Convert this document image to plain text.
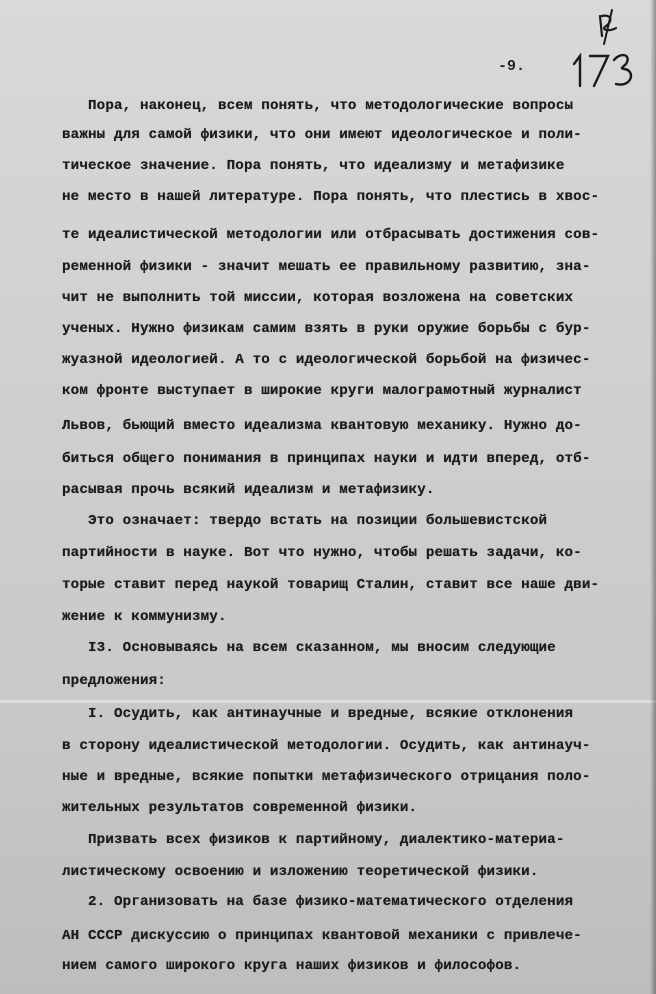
-9.
Пора, наконец, всем понять, что методологические вопросы
важны для самой физики, что они имеют идеологическое и поли-
тическое значение. Пора понять, что идеализму и метафизике
не место в нашей литературе. Пора понять, что плестись в хвос-
те идеалистической методологии или отбрасывать достижения сов-
ременной физики - значит мешать ее правильному развитию, зна-
чит не выполнить той миссии, которая возложена на советских
ученых. Нужно физикам самим взять в руки оружие борьбы с бур-
жуазной идеологией. А то с идеологической борьбой на физичес-
ком фронте выступает в широкие круги малограмотный журналист
Львов, бьющий вместо идеализма квантовую механику. Нужно до-
биться общего понимания в принципах науки и идти вперед, отб-
расывая прочь всякий идеализм и метафизику.
Это означает: твердо встать на позиции большевистской
партийности в науке. Вот что нужно, чтобы решать задачи, ко-
торые ставит перед наукой товарищ Сталин, ставит все наше дви-
жение к коммунизму.
I3. Основываясь на всем сказанном, мы вносим следующие
предложения:
I. Осудить, как антинаучные и вредные, всякие отклонения
в сторону идеалистической методологии. Осудить, как антинауч-
ные и вредные, всякие попытки метафизического отрицания поло-
жительных результатов современной физики.
Призвать всех физиков к партийному, диалектико-материа-
листическому освоению и изложению теоретической физики.
2. Организовать на базе физико-математического отделения
АН СССР дискуссию о принципах квантовой механики с привлече-
нием самого широкого круга наших физиков и философов.
